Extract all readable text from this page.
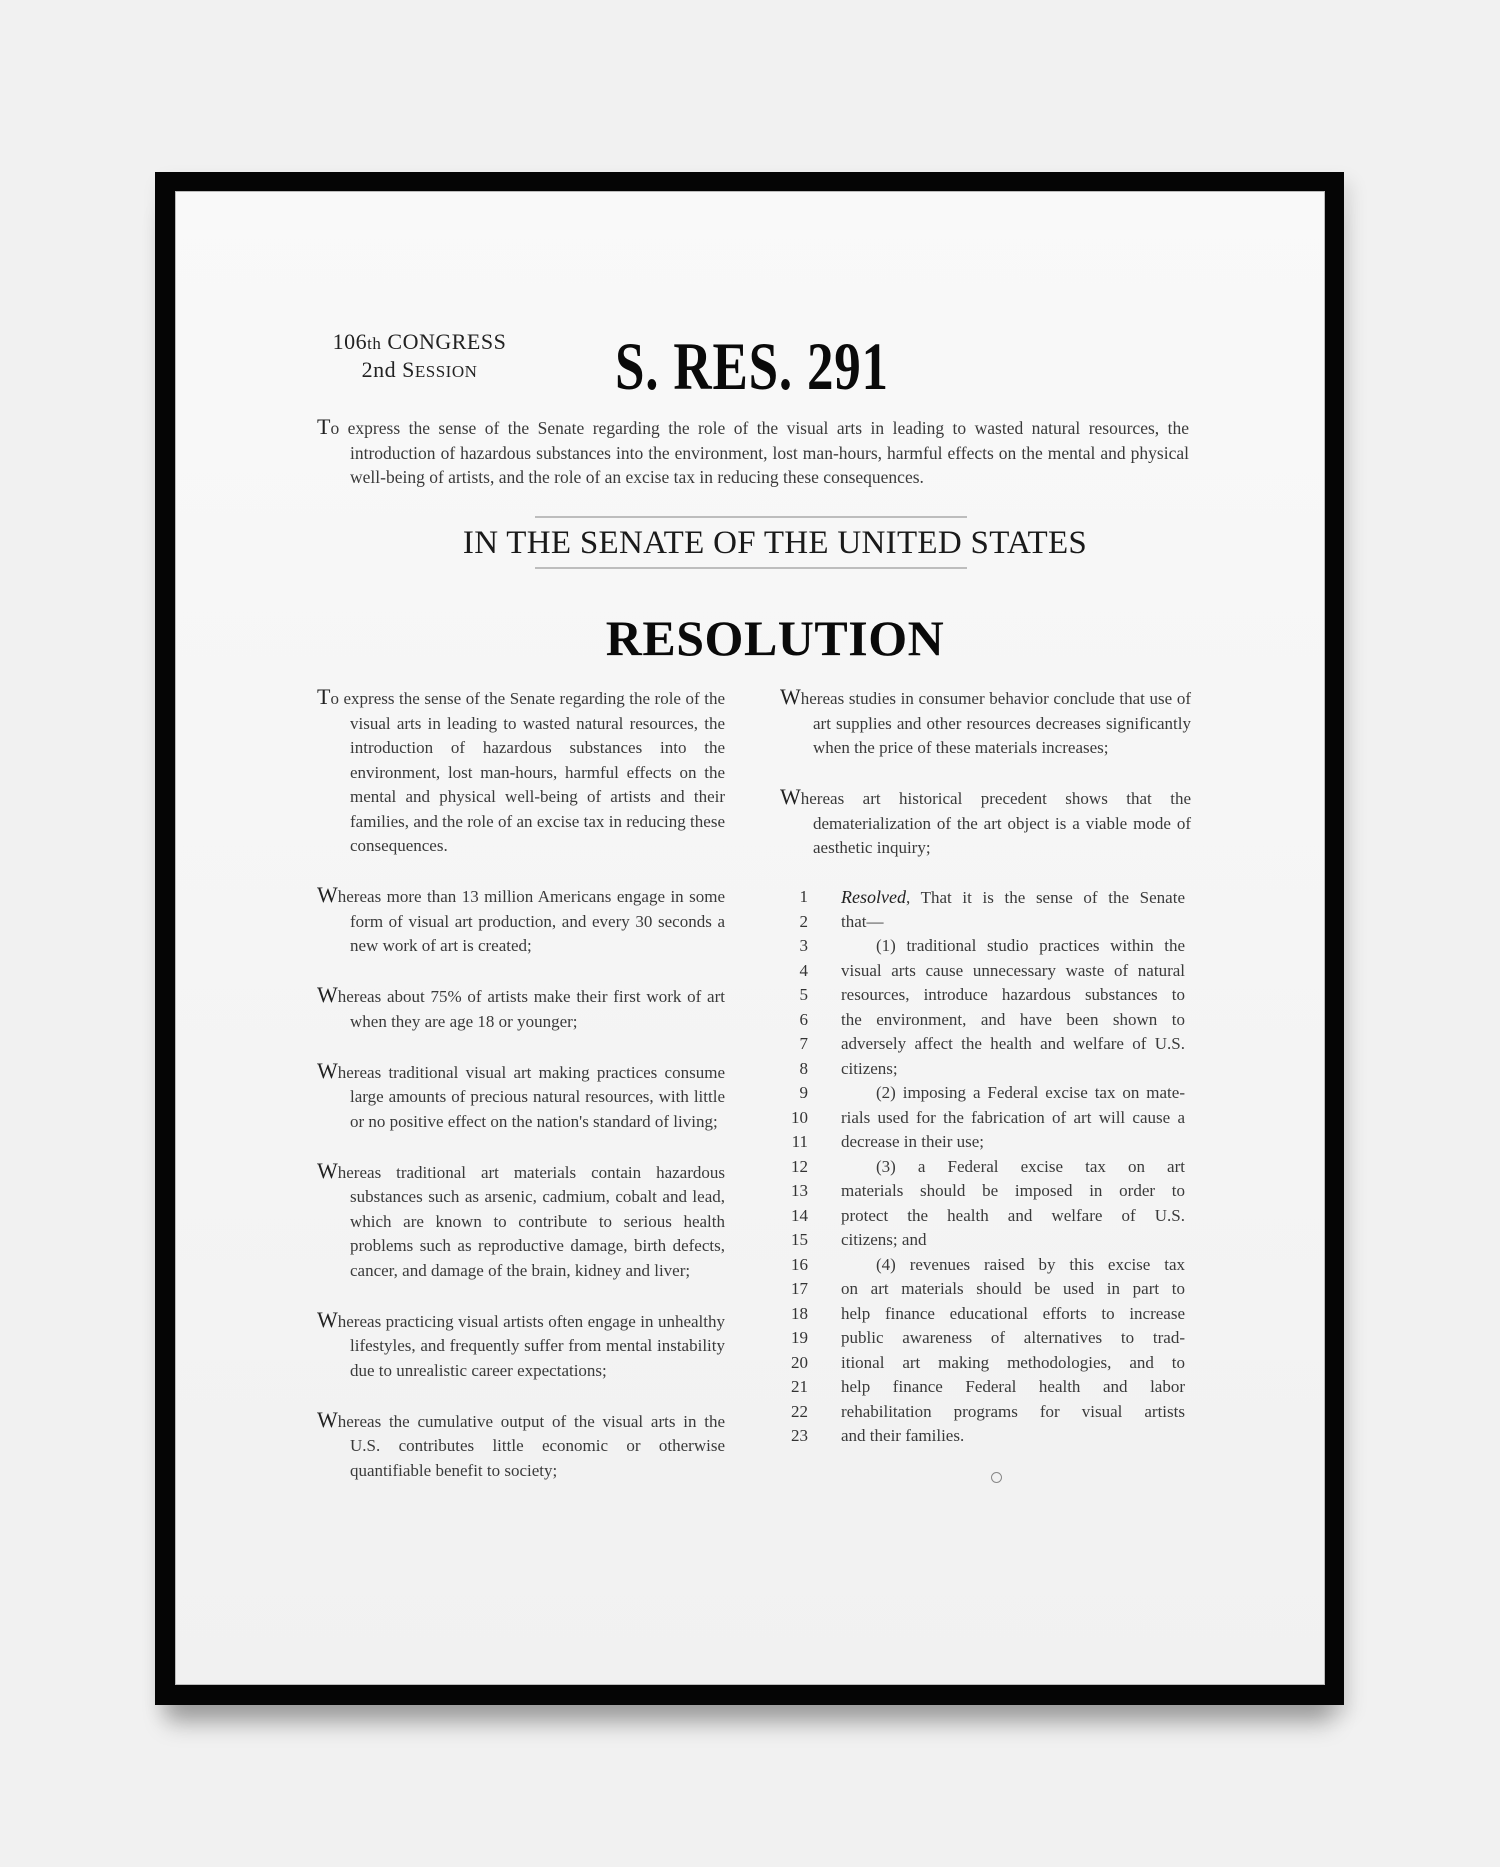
106th CONGRESS
2nd SESSION	S. RES. 291
To express the sense of the Senate regarding the role of the visual arts in leading to wasted natural resources, the introduction of hazardous substances into the environment, lost man-hours, harmful effects on the mental and physical well-being of artists, and the role of an excise tax in reducing these consequences.
IN THE SENATE OF THE UNITED STATES
RESOLUTION

To express the sense of the Senate regarding the role of the visual arts in leading to wasted natural resources, the introduction of hazardous substances into the environment, lost man-hours, harmful effects on the mental and physical well-being of artists and their families, and the role of an excise tax in reducing these consequences.

Whereas more than 13 million Americans engage in some form of visual art production, and every 30 seconds a new work of art is created;

Whereas about 75% of artists make their first work of art when they are age 18 or younger;

Whereas traditional visual art making practices consume large amounts of precious natural resources, with little or no positive effect on the nation's standard of living;

Whereas traditional art materials contain hazardous substances such as arsenic, cadmium, cobalt and lead, which are known to contribute to serious health problems such as reproductive damage, birth defects, cancer, and damage of the brain, kidney and liver;

Whereas practicing visual artists often engage in unhealthy lifestyles, and frequently suffer from mental instability due to unrealistic career expectations;

Whereas the cumulative output of the visual arts in the U.S. contributes little economic or otherwise quantifiable benefit to society;

Whereas studies in consumer behavior conclude that use of art supplies and other resources decreases significantly when the price of these materials increases;

Whereas art historical precedent shows that the dematerialization of the art object is a viable mode of aesthetic inquiry;

1 Resolved, That it is the sense of the Senate
2 that—
3	(1) traditional studio practices within the
4 visual arts cause unnecessary waste of natural
5 resources, introduce hazardous substances to
6 the environment, and have been shown to
7 adversely affect the health and welfare of U.S.
8 citizens;
9	(2) imposing a Federal excise tax on mate-
10 rials used for the fabrication of art will cause a
11 decrease in their use;
12	(3) a Federal excise tax on art
13 materials should be imposed in order to
14 protect the health and welfare of U.S.
15 citizens; and
16	(4) revenues raised by this excise tax
17 on art materials should be used in part to
18 help finance educational efforts to increase
19 public awareness of alternatives to trad-
20 itional art making methodologies, and to
21 help finance Federal health and labor
22 rehabilitation programs for visual artists
23 and their families.
